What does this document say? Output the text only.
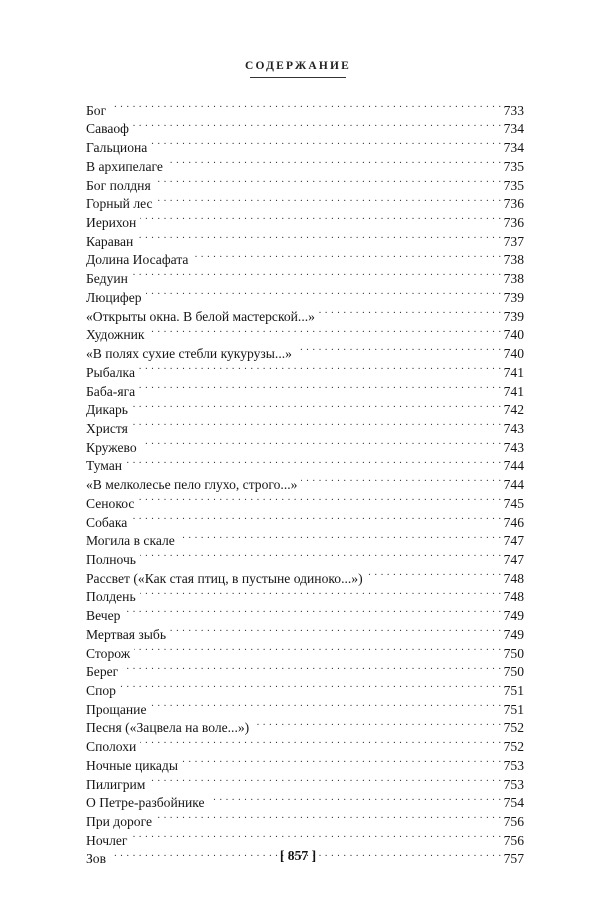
СОДЕРЖАНИЕ
Бог . . .	733
Саваоф . . .	734
Гальциона . . .	734
В архипелаге . . .	735
Бог полдня . . .	735
Горный лес . . .	736
Иерихон . . .	736
Караван . . .	737
Долина Иосафата . . .	738
Бедуин . . .	738
Люцифер . . .	739
«Открыты окна. В белой мастерской...» . . .	739
Художник . . .	740
«В полях сухие стебли кукурузы...» . . .	740
Рыбалка . . .	741
Баба-яга . . .	741
Дикарь . . .	742
Христя . . .	743
Кружево . . .	743
Туман . . .	744
«В мелколесье пело глухо, строго...» . . .	744
Сенокос . . .	745
Собака . . .	746
Могила в скале . . .	747
Полночь . . .	747
Рассвет («Как стая птиц, в пустыне одиноко...») . . .	748
Полдень . . .	748
Вечер . . .	749
Мертвая зыбь . . .	749
Сторож . . .	750
Берег . . .	750
Спор . . .	751
Прощание . . .	751
Песня («Зацвела на воле...») . . .	752
Сполохи . . .	752
Ночные цикады . . .	753
Пилигрим . . .	753
О Петре-разбойнике . . .	754
При дороге . . .	756
Ночлег . . .	756
Зов . . .	757
[ 857 ]
